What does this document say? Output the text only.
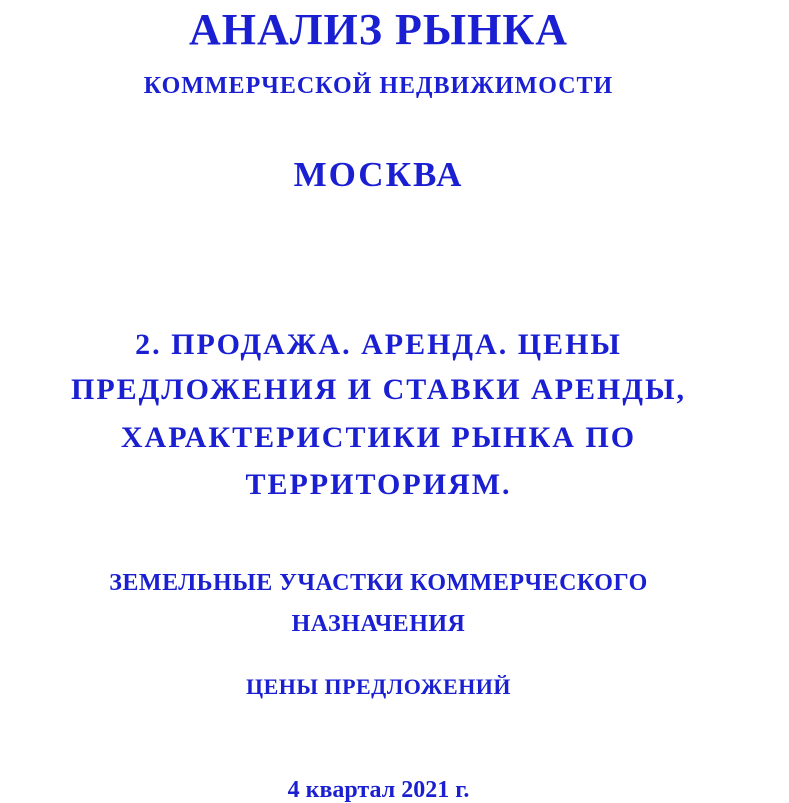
АНАЛИЗ РЫНКА
КОММЕРЧЕСКОЙ НЕДВИЖИМОСТИ
МОСКВА
2. ПРОДАЖА. АРЕНДА. ЦЕНЫ
ПРЕДЛОЖЕНИЯ И СТАВКИ АРЕНДЫ,
ХАРАКТЕРИСТИКИ РЫНКА ПО
ТЕРРИТОРИЯМ.
ЗЕМЕЛЬНЫЕ УЧАСТКИ КОММЕРЧЕСКОГО
НАЗНАЧЕНИЯ
ЦЕНЫ ПРЕДЛОЖЕНИЙ
4 квартал 2021 г.
